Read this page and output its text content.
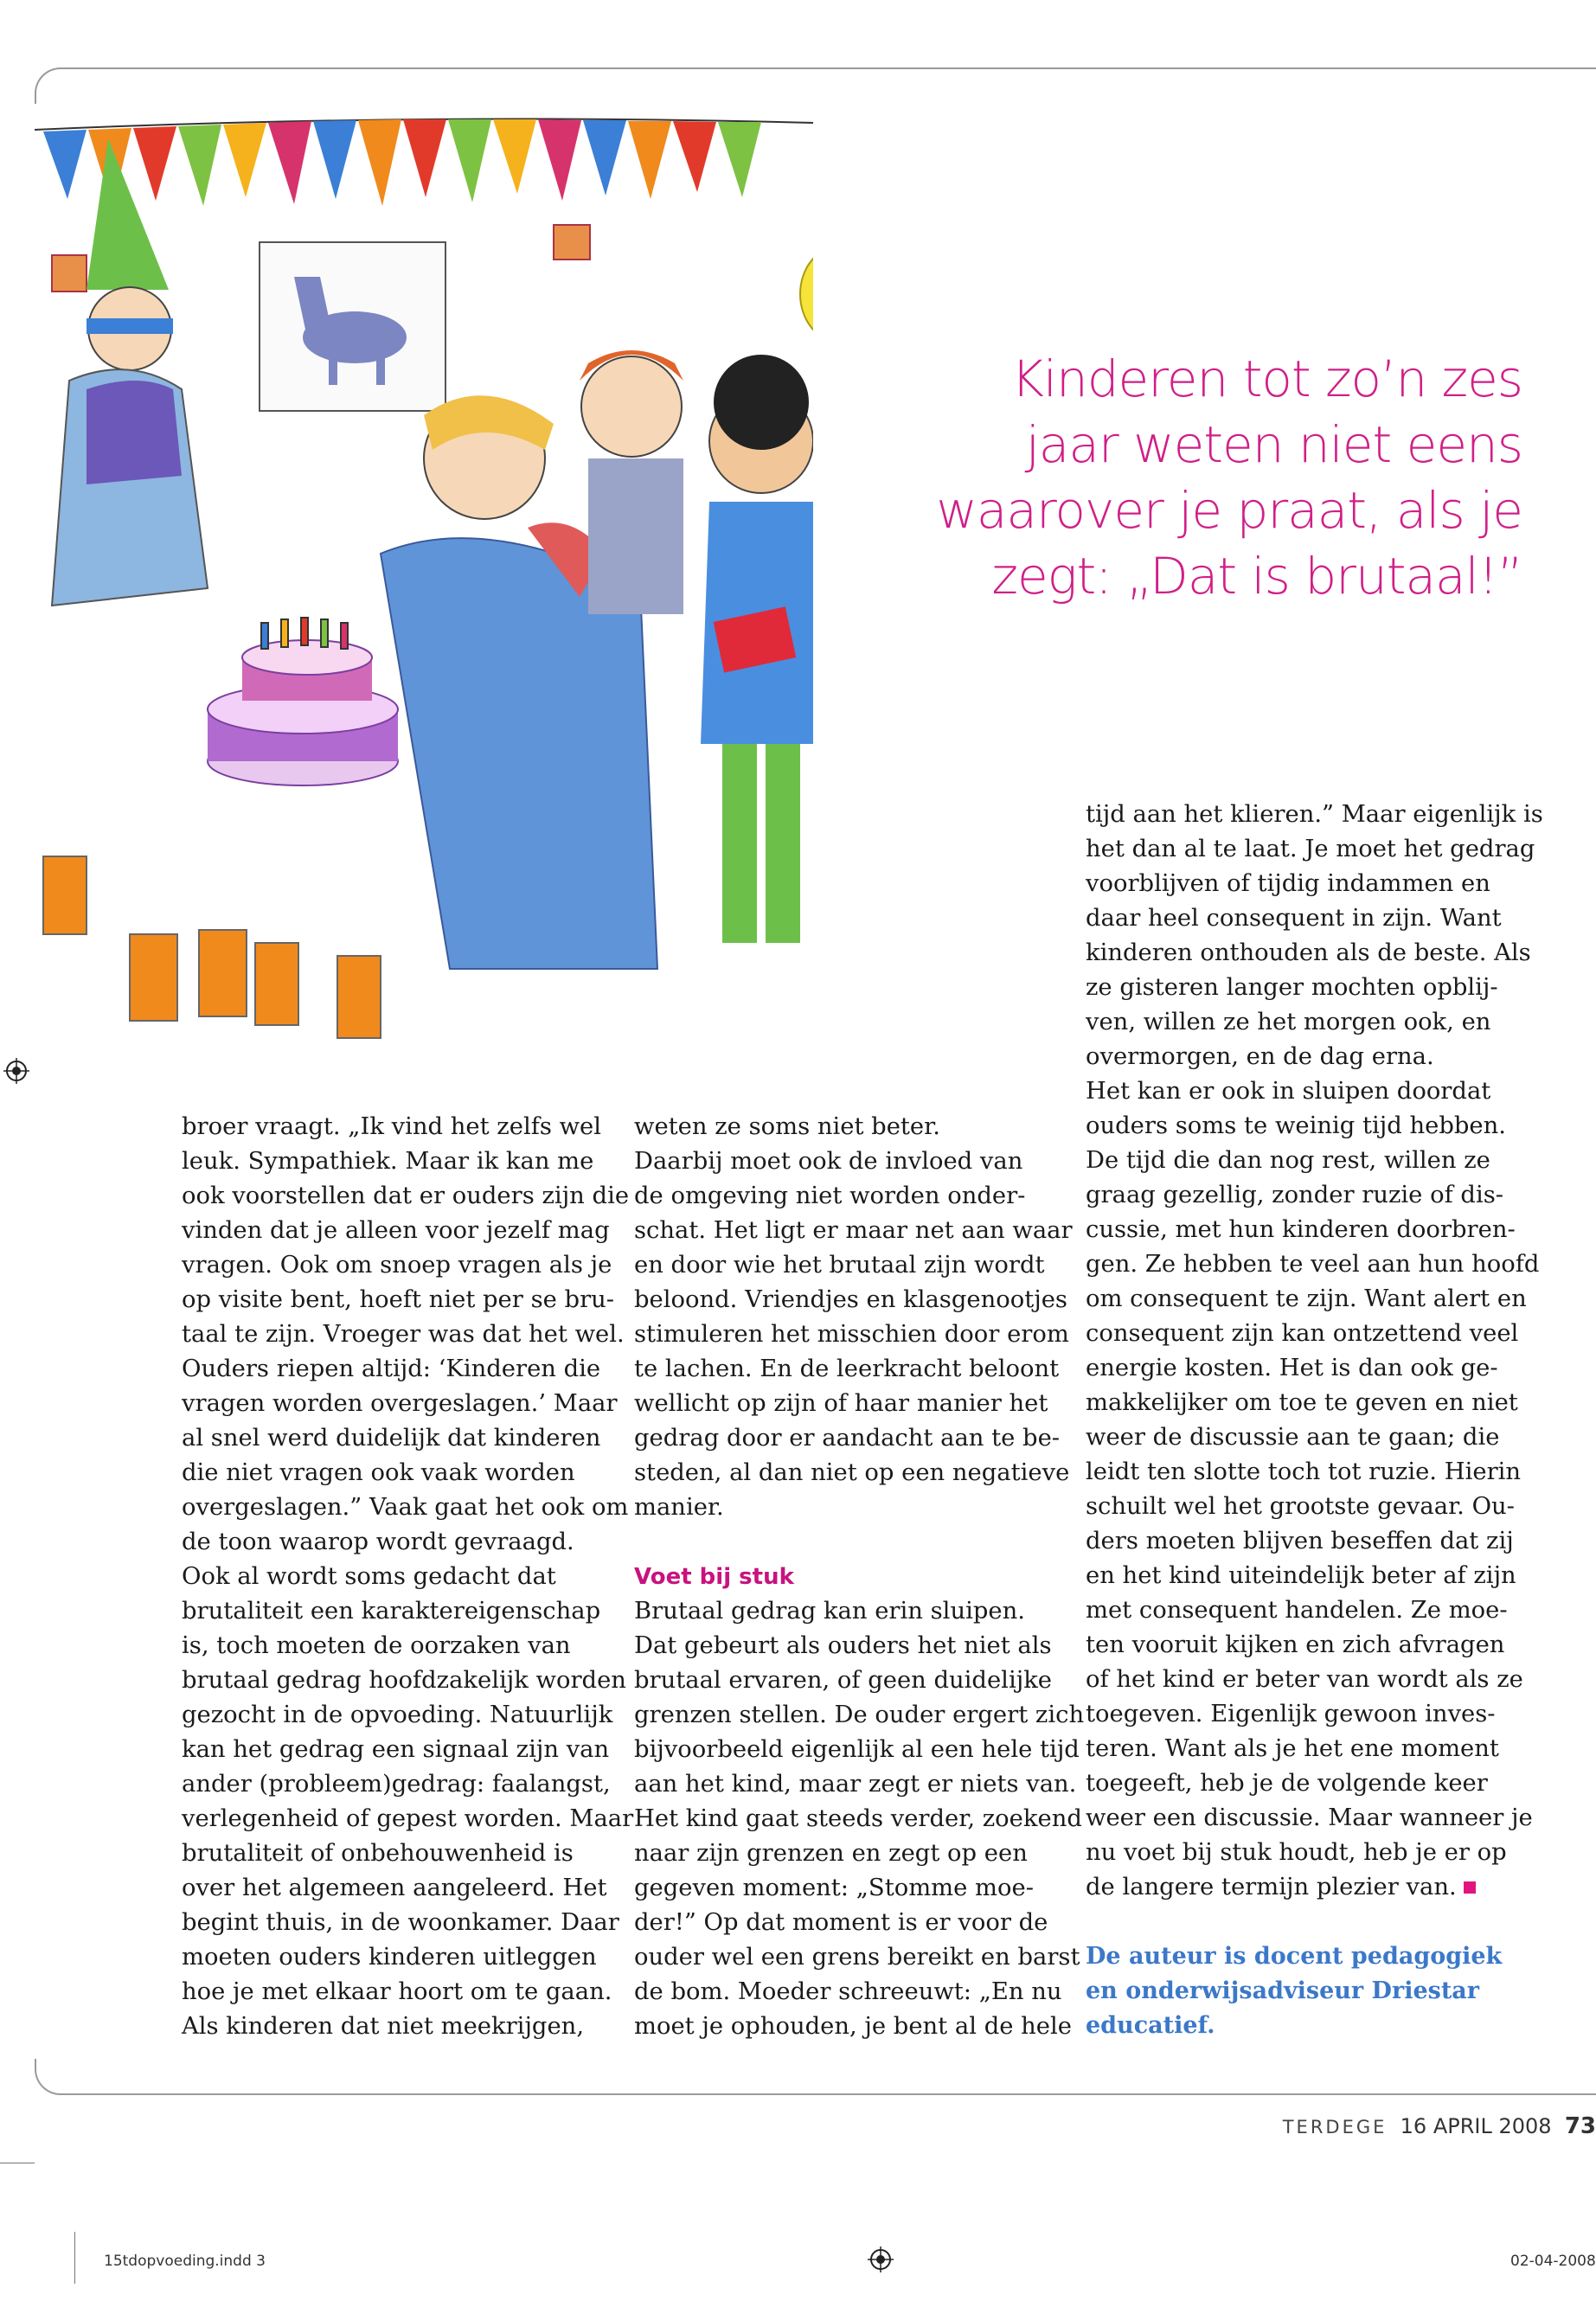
Kinderen tot zo’n zes
jaar weten niet eens
waarover je praat, als je
zegt: „Dat is brutaal!”
broer vraagt. „Ik vind het zelfs wel
leuk. Sympathiek. Maar ik kan me
ook voorstellen dat er ouders zijn die
vinden dat je alleen voor jezelf mag
vragen. Ook om snoep vragen als je
op visite bent, hoeft niet per se bru-
taal te zijn. Vroeger was dat het wel.
Ouders riepen altijd: ‘Kinderen die
vragen worden overgeslagen.’ Maar
al snel werd duidelijk dat kinderen
die niet vragen ook vaak worden
overgeslagen.” Vaak gaat het ook om
de toon waarop wordt gevraagd.
Ook al wordt soms gedacht dat
brutaliteit een karaktereigenschap
is, toch moeten de oorzaken van
brutaal gedrag hoofdzakelijk worden
gezocht in de opvoeding. Natuurlijk
kan het gedrag een signaal zijn van
ander (probleem)gedrag: faalangst,
verlegenheid of gepest worden. Maar
brutaliteit of onbehouwenheid is
over het algemeen aangeleerd. Het
begint thuis, in de woonkamer. Daar
moeten ouders kinderen uitleggen
hoe je met elkaar hoort om te gaan.
Als kinderen dat niet meekrijgen,
weten ze soms niet beter.
Daarbij moet ook de invloed van
de omgeving niet worden onder-
schat. Het ligt er maar net aan waar
en door wie het brutaal zijn wordt
beloond. Vriendjes en klasgenootjes
stimuleren het misschien door erom
te lachen. En de leerkracht beloont
wellicht op zijn of haar manier het
gedrag door er aandacht aan te be-
steden, al dan niet op een negatieve
manier.

Voet bij stuk
Brutaal gedrag kan erin sluipen.
Dat gebeurt als ouders het niet als
brutaal ervaren, of geen duidelijke
grenzen stellen. De ouder ergert zich
bijvoorbeeld eigenlijk al een hele tijd
aan het kind, maar zegt er niets van.
Het kind gaat steeds verder, zoekend
naar zijn grenzen en zegt op een
gegeven moment: „Stomme moe-
der!” Op dat moment is er voor de
ouder wel een grens bereikt en barst
de bom. Moeder schreeuwt: „En nu
moet je ophouden, je bent al de hele
tijd aan het klieren.” Maar eigenlijk is
het dan al te laat. Je moet het gedrag
voorblijven of tijdig indammen en
daar heel consequent in zijn. Want
kinderen onthouden als de beste. Als
ze gisteren langer mochten opblij-
ven, willen ze het morgen ook, en
overmorgen, en de dag erna.
Het kan er ook in sluipen doordat
ouders soms te weinig tijd hebben.
De tijd die dan nog rest, willen ze
graag gezellig, zonder ruzie of dis-
cussie, met hun kinderen doorbren-
gen. Ze hebben te veel aan hun hoofd
om consequent te zijn. Want alert en
consequent zijn kan ontzettend veel
energie kosten. Het is dan ook ge-
makkelijker om toe te geven en niet
weer de discussie aan te gaan; die
leidt ten slotte toch tot ruzie. Hierin
schuilt wel het grootste gevaar. Ou-
ders moeten blijven beseffen dat zij
en het kind uiteindelijk beter af zijn
met consequent handelen. Ze moe-
ten vooruit kijken en zich afvragen
of het kind er beter van wordt als ze
toegeven. Eigenlijk gewoon inves-
teren. Want als je het ene moment
toegeeft, heb je de volgende keer
weer een discussie. Maar wanneer je
nu voet bij stuk houdt, heb je er op
de langere termijn plezier van.
De auteur is docent pedagogiek
en onderwijsadviseur Driestar
educatief.
TERDEGE 16 APRIL 2008 73
15tdopvoeding.indd 3	02-04-2008
